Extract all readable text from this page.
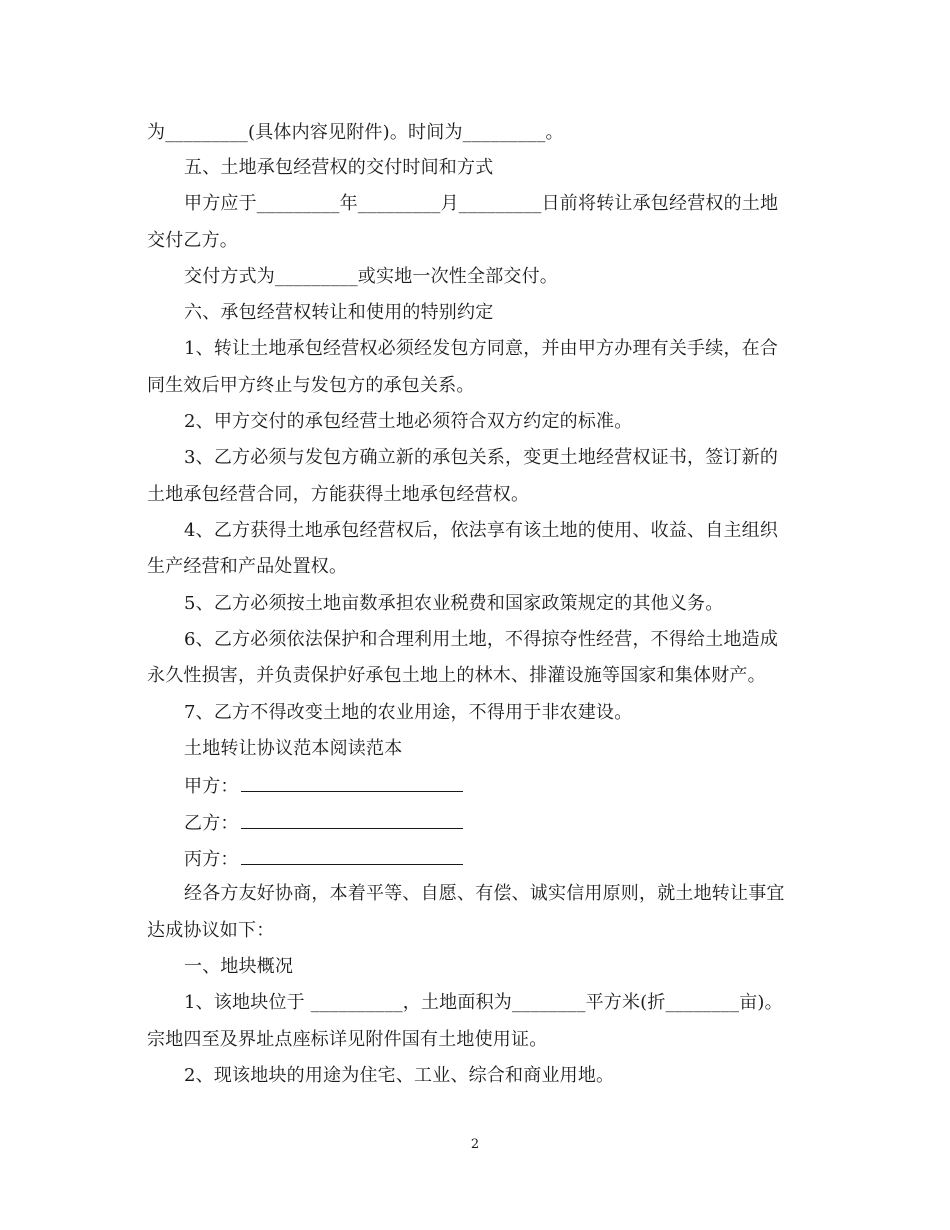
为_________(具体内容见附件)。时间为_________。
五、土地承包经营权的交付时间和方式
甲方应于_________年_________月_________日前将转让承包经营权的土地
交付乙方。
交付方式为_________或实地一次性全部交付。
六、承包经营权转让和使用的特别约定
1、转让土地承包经营权必须经发包方同意，并由甲方办理有关手续，在合
同生效后甲方终止与发包方的承包关系。
2、甲方交付的承包经营土地必须符合双方约定的标准。
3、乙方必须与发包方确立新的承包关系，变更土地经营权证书，签订新的
土地承包经营合同，方能获得土地承包经营权。
4、乙方获得土地承包经营权后，依法享有该土地的使用、收益、自主组织
生产经营和产品处置权。
5、乙方必须按土地亩数承担农业税费和国家政策规定的其他义务。
6、乙方必须依法保护和合理利用土地，不得掠夺性经营，不得给土地造成
永久性损害，并负责保护好承包土地上的林木、排灌设施等国家和集体财产。
7、乙方不得改变土地的农业用途，不得用于非农建设。
土地转让协议范本阅读范本
甲方：
乙方：
丙方：
经各方友好协商，本着平等、自愿、有偿、诚实信用原则，就土地转让事宜
达成协议如下：
一、地块概况
1、该地块位于 __________，土地面积为________平方米(折________亩)。
宗地四至及界址点座标详见附件国有土地使用证。
2、现该地块的用途为住宅、工业、综合和商业用地。
2
